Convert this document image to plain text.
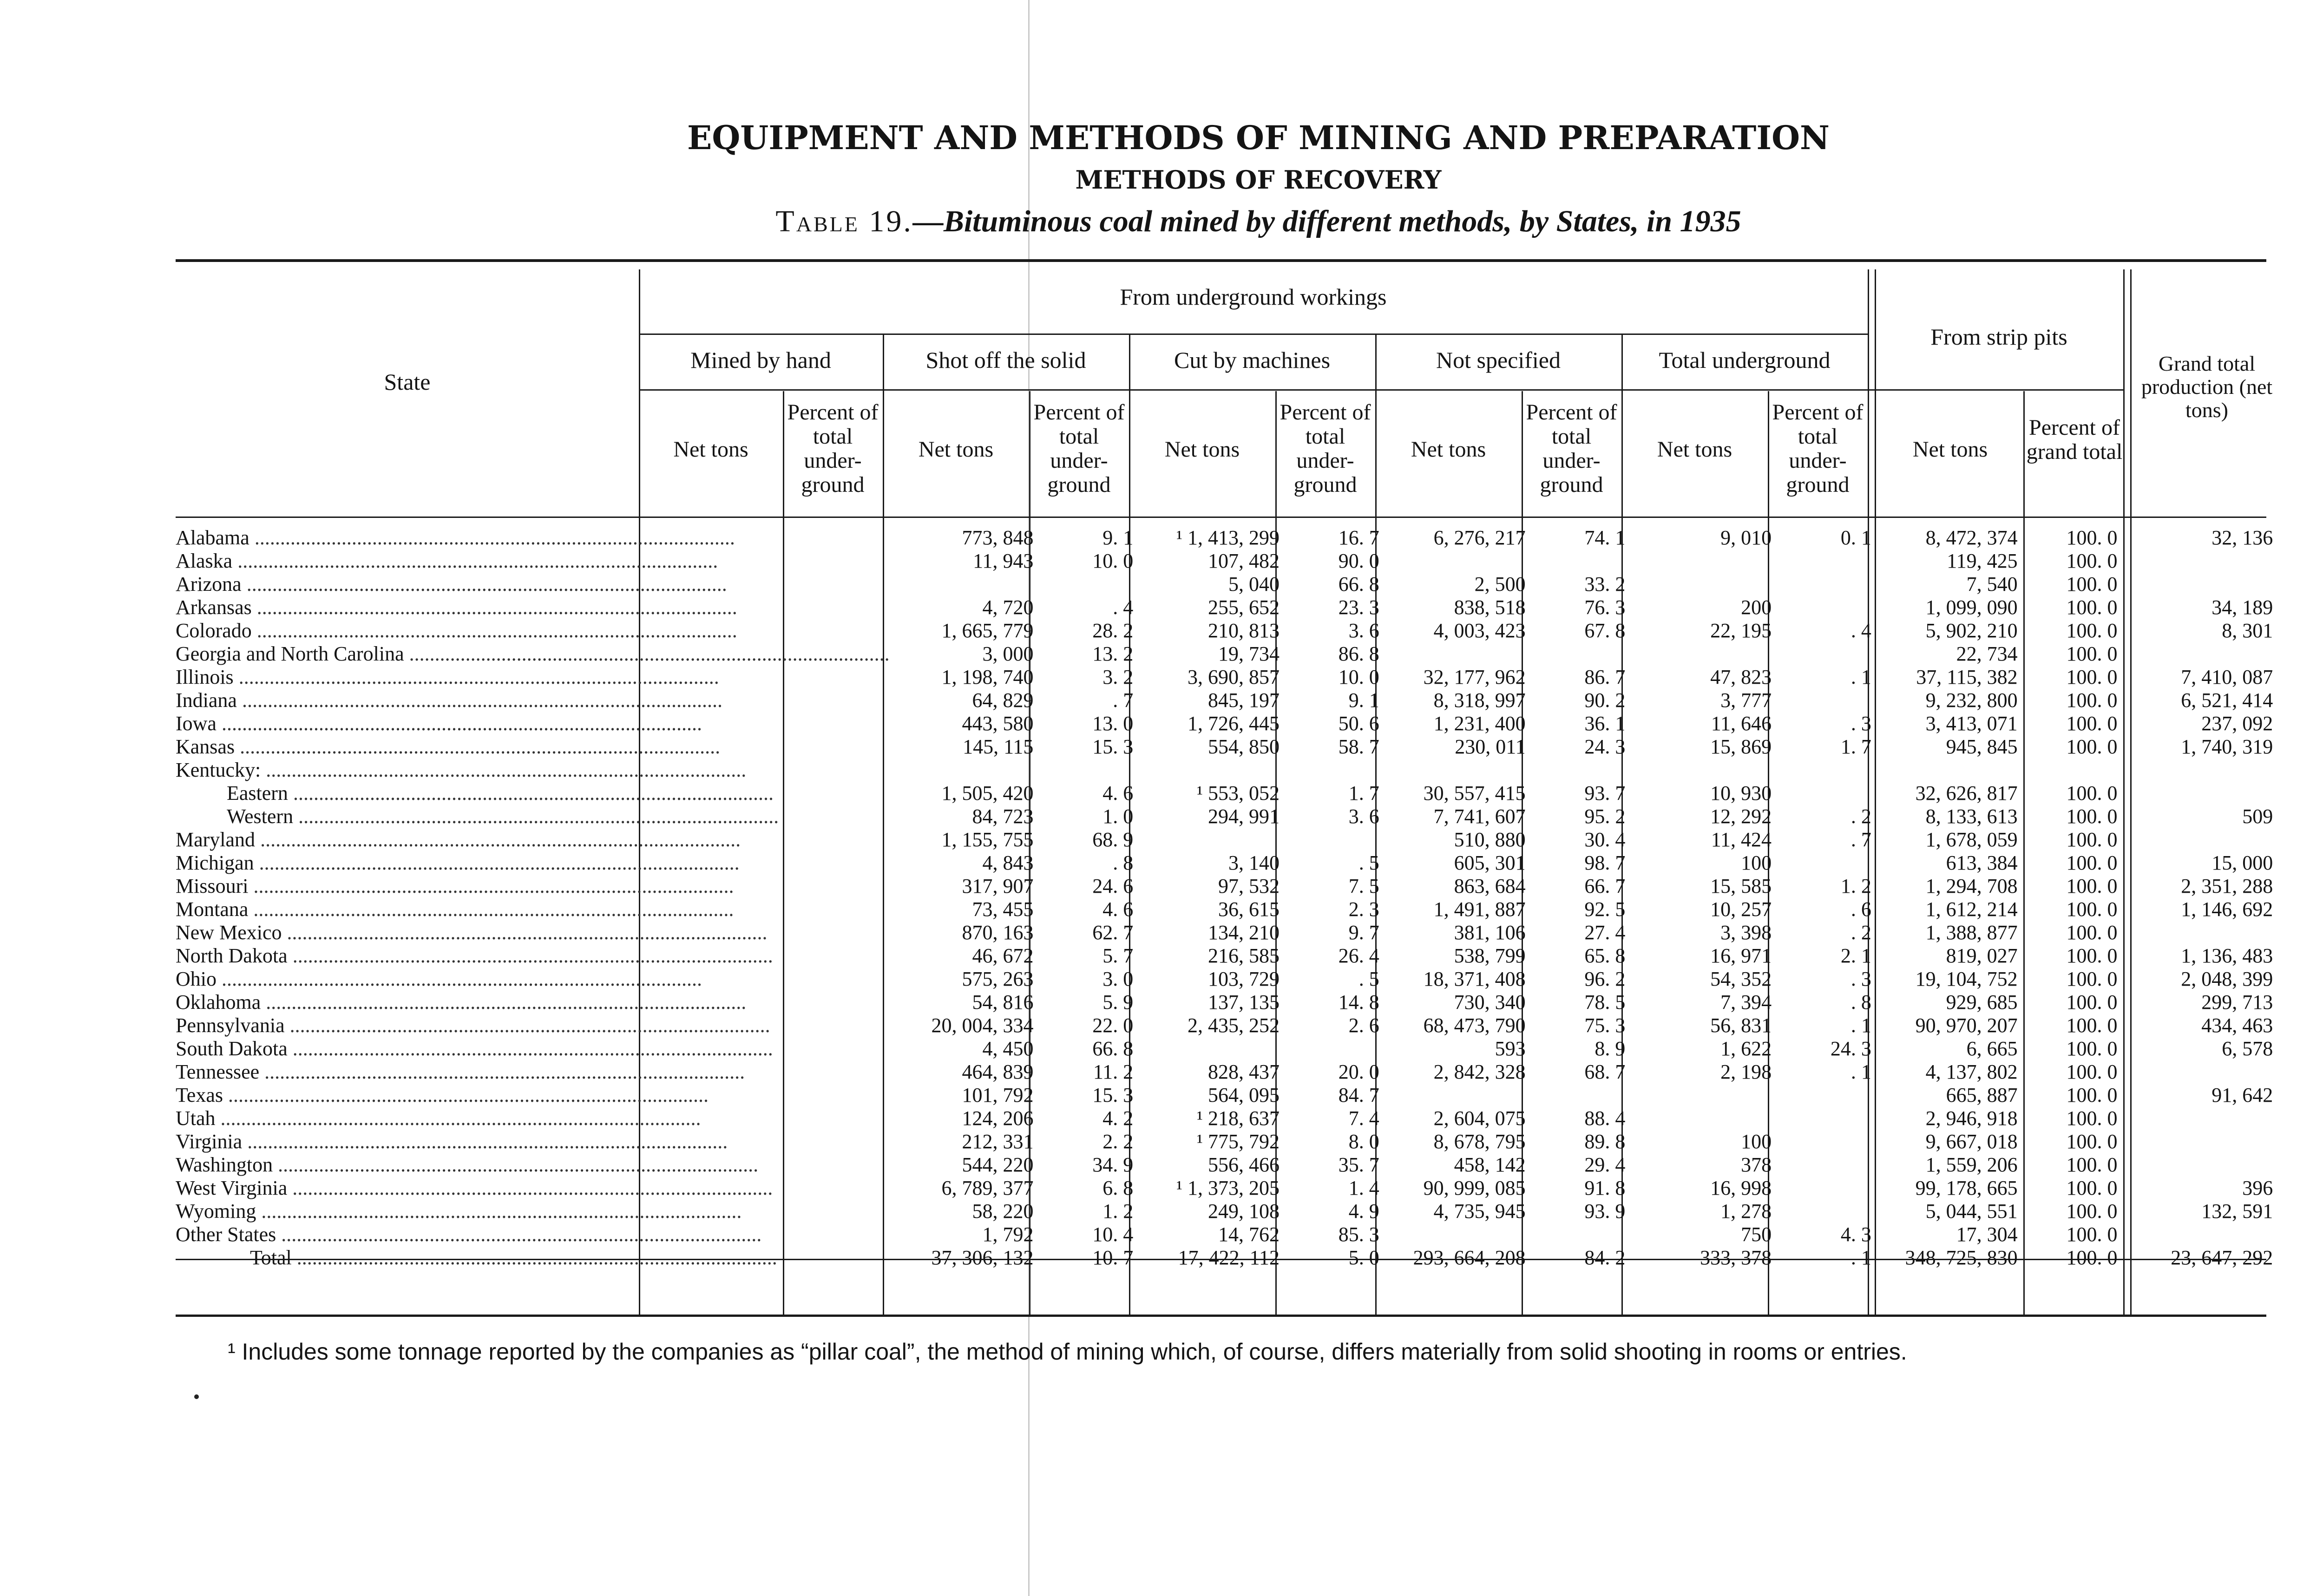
EQUIPMENT AND METHODS OF MINING AND PREPARATION
METHODS OF RECOVERY
Table 19.—Bituminous coal mined by different methods, by States, in 1935
State
From underground workings
From strip pits
Grand total production (net tons)
Mined by hand	Shot off the solid	Cut by machines	Not specified	Total underground
Net tons
Percent of total under- ground
Net tons
Percent of total under- ground
Net tons
Percent of total under- ground
Net tons
Percent of total under- ground
Net tons
Percent of total under- ground
Net tons
Percent of grand total
Alabama ..............................................................................................	773, 848	9. 1	¹ 1, 413, 299	16. 7	6, 276, 217	74. 1	9, 010	0. 1	8, 472, 374	100. 0	32, 136		
Alaska ..............................................................................................	11, 943	10. 0	107, 482	90. 0					119, 425	100. 0			
Arizona ..............................................................................................			5, 040	66. 8	2, 500	33. 2			7, 540	100. 0			
Arkansas ..............................................................................................	4, 720	. 4	255, 652	23. 3	838, 518	76. 3	200		1, 099, 090	100. 0	34, 189		
Colorado ..............................................................................................	1, 665, 779	28. 2	210, 813	3. 6	4, 003, 423	67. 8	22, 195	. 4	5, 902, 210	100. 0	8, 301		
Georgia and North Carolina ..............................................................................................	3, 000	13. 2	19, 734	86. 8					22, 734	100. 0			
Illinois ..............................................................................................	1, 198, 740	3. 2	3, 690, 857	10. 0	32, 177, 962	86. 7	47, 823	. 1	37, 115, 382	100. 0	7, 410, 087		
Indiana ..............................................................................................	64, 829	. 7	845, 197	9. 1	8, 318, 997	90. 2	3, 777		9, 232, 800	100. 0	6, 521, 414		
Iowa ..............................................................................................	443, 580	13. 0	1, 726, 445	50. 6	1, 231, 400	36. 1	11, 646	. 3	3, 413, 071	100. 0	237, 092		
Kansas ..............................................................................................	145, 115	15. 3	554, 850	58. 7	230, 011	24. 3	15, 869	1. 7	945, 845	100. 0	1, 740, 319		
Kentucky: ..............................................................................................													
Eastern ..............................................................................................	1, 505, 420	4. 6	¹ 553, 052	1. 7	30, 557, 415	93. 7	10, 930		32, 626, 817	100. 0			
Western ..............................................................................................	84, 723	1. 0	294, 991	3. 6	7, 741, 607	95. 2	12, 292	. 2	8, 133, 613	100. 0	509		
Maryland ..............................................................................................	1, 155, 755	68. 9			510, 880	30. 4	11, 424	. 7	1, 678, 059	100. 0			
Michigan ..............................................................................................	4, 843	. 8	3, 140	. 5	605, 301	98. 7	100		613, 384	100. 0	15, 000		
Missouri ..............................................................................................	317, 907	24. 6	97, 532	7. 5	863, 684	66. 7	15, 585	1. 2	1, 294, 708	100. 0	2, 351, 288		
Montana ..............................................................................................	73, 455	4. 6	36, 615	2. 3	1, 491, 887	92. 5	10, 257	. 6	1, 612, 214	100. 0	1, 146, 692		
New Mexico ..............................................................................................	870, 163	62. 7	134, 210	9. 7	381, 106	27. 4	3, 398	. 2	1, 388, 877	100. 0			
North Dakota ..............................................................................................	46, 672	5. 7	216, 585	26. 4	538, 799	65. 8	16, 971	2. 1	819, 027	100. 0	1, 136, 483		
Ohio ..............................................................................................	575, 263	3. 0	103, 729	. 5	18, 371, 408	96. 2	54, 352	. 3	19, 104, 752	100. 0	2, 048, 399		
Oklahoma ..............................................................................................	54, 816	5. 9	137, 135	14. 8	730, 340	78. 5	7, 394	. 8	929, 685	100. 0	299, 713		
Pennsylvania ..............................................................................................	20, 004, 334	22. 0	2, 435, 252	2. 6	68, 473, 790	75. 3	56, 831	. 1	90, 970, 207	100. 0	434, 463		
South Dakota ..............................................................................................	4, 450	66. 8			593	8. 9	1, 622	24. 3	6, 665	100. 0	6, 578		
Tennessee ..............................................................................................	464, 839	11. 2	828, 437	20. 0	2, 842, 328	68. 7	2, 198	. 1	4, 137, 802	100. 0			
Texas ..............................................................................................	101, 792	15. 3	564, 095	84. 7					665, 887	100. 0	91, 642		
Utah ..............................................................................................	124, 206	4. 2	¹ 218, 637	7. 4	2, 604, 075	88. 4			2, 946, 918	100. 0			
Virginia ..............................................................................................	212, 331	2. 2	¹ 775, 792	8. 0	8, 678, 795	89. 8	100		9, 667, 018	100. 0			
Washington ..............................................................................................	544, 220	34. 9	556, 466	35. 7	458, 142	29. 4	378		1, 559, 206	100. 0			
West Virginia ..............................................................................................	6, 789, 377	6. 8	¹ 1, 373, 205	1. 4	90, 999, 085	91. 8	16, 998		99, 178, 665	100. 0	396		
Wyoming ..............................................................................................	58, 220	1. 2	249, 108	4. 9	4, 735, 945	93. 9	1, 278		5, 044, 551	100. 0	132, 591		
Other States ..............................................................................................	1, 792	10. 4	14, 762	85. 3			750	4. 3	17, 304	100. 0			
Total ..............................................................................................	37, 306, 132	10. 7	17, 422, 112	5. 0	293, 664, 208	84. 2	333, 378	. 1	348, 725, 830	100. 0	23, 647, 292		
¹ Includes some tonnage reported by the companies as “pillar coal”, the method of mining which, of course, differs materially from solid shooting in rooms or entries.
